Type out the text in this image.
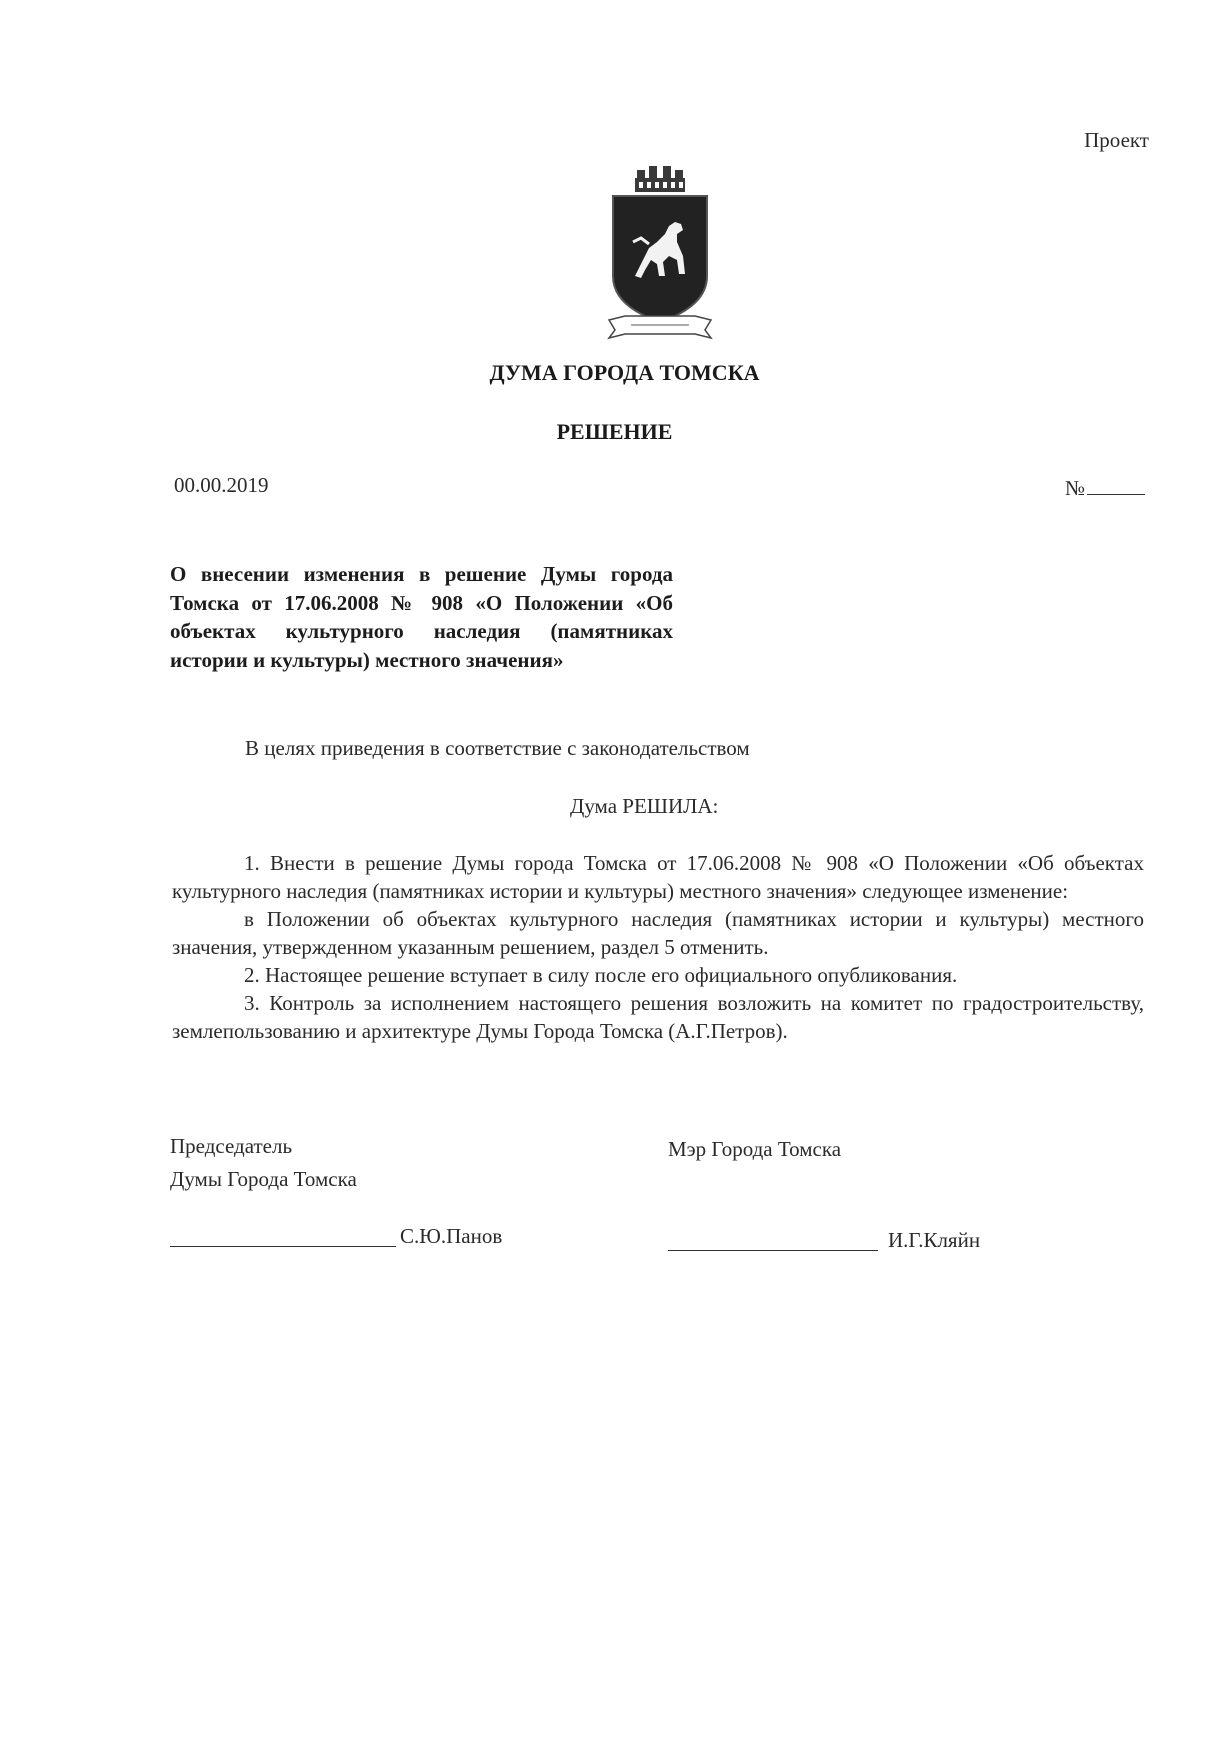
Проект
ДУМА ГОРОДА ТОМСКА
РЕШЕНИЕ
00.00.2019	№
О внесении изменения в решение Думы города Томска от 17.06.2008 № 908 «О Положении «Об объектах культурного наследия (памятниках истории и культуры) местного значения»
В целях приведения в соответствие с законодательством
Дума РЕШИЛА:

1. Внести в решение Думы города Томска от 17.06.2008 № 908 «О Положении «Об объектах культурного наследия (памятниках истории и культуры) местного значения» следующее изменение:

в Положении об объектах культурного наследия (памятниках истории и культуры) местного значения, утвержденном указанным решением, раздел 5 отменить.

2. Настоящее решение вступает в силу после его официального опубликования.

3. Контроль за исполнением настоящего решения возложить на комитет по градостроительству, землепользованию и архитектуре Думы Города Томска (А.Г.Петров).

Председатель
Думы Города Томска
Мэр Города Томска
С.Ю.Панов	И.Г.Кляйн
